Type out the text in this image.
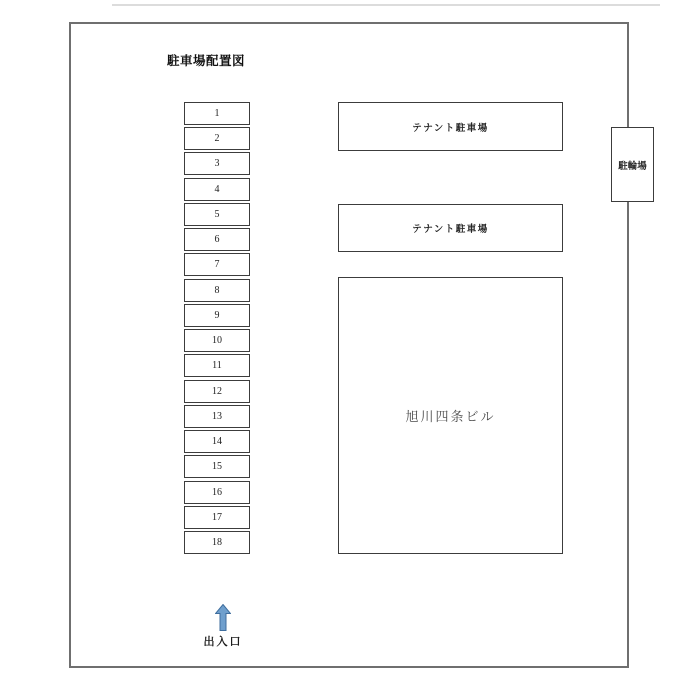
駐車場配置図
1
2
3
4
5
6
7
8
9
10
11
12
13
14
15
16
17
18
テナント駐車場
テナント駐車場
駐輪場
旭川四条ビル
出入口
